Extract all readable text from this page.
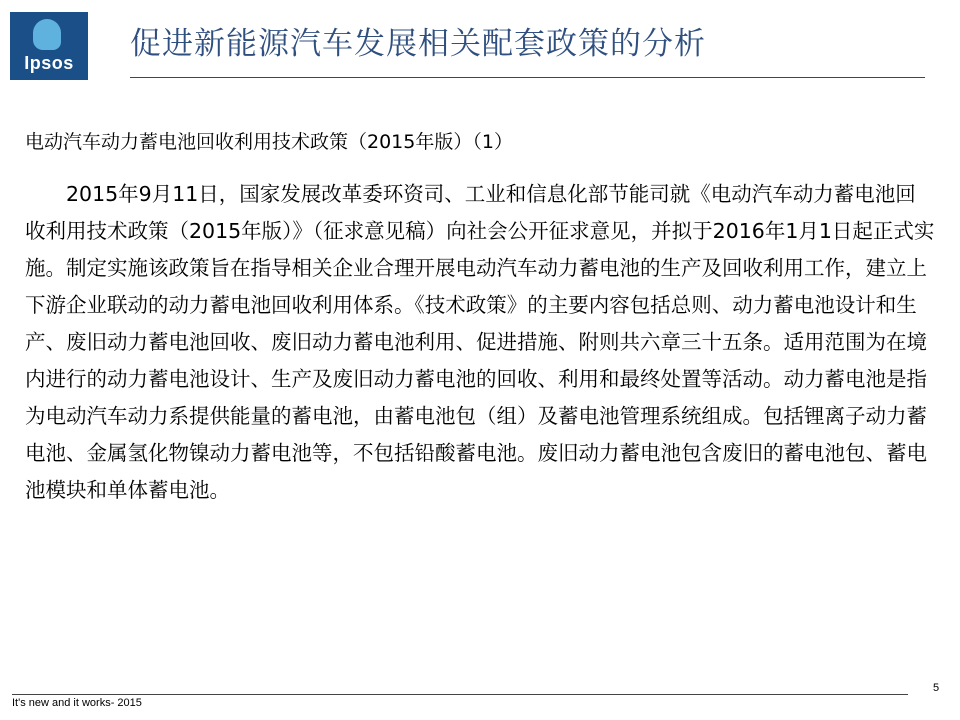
Ipsos
促进新能源汽车发展相关配套政策的分析
电动汽车动力蓄电池回收利用技术政策（2015年版）（1）

2015年9月11日，国家发展改革委环资司、工业和信息化部节能司就《电动汽车动力蓄电池回收利用技术政策（2015年版）》（征求意见稿）向社会公开征求意见，并拟于2016年1月1日起正式实施。制定实施该政策旨在指导相关企业合理开展电动汽车动力蓄电池的生产及回收利用工作，建立上下游企业联动的动力蓄电池回收利用体系。《技术政策》的主要内容包括总则、动力蓄电池设计和生产、废旧动力蓄电池回收、废旧动力蓄电池利用、促进措施、附则共六章三十五条。适用范围为在境内进行的动力蓄电池设计、生产及废旧动力蓄电池的回收、利用和最终处置等活动。动力蓄电池是指为电动汽车动力系提供能量的蓄电池，由蓄电池包（组）及蓄电池管理系统组成。包括锂离子动力蓄电池、金属氢化物镍动力蓄电池等，不包括铅酸蓄电池。废旧动力蓄电池包含废旧的蓄电池包、蓄电池模块和单体蓄电池。

It's new and it works- 2015
5
